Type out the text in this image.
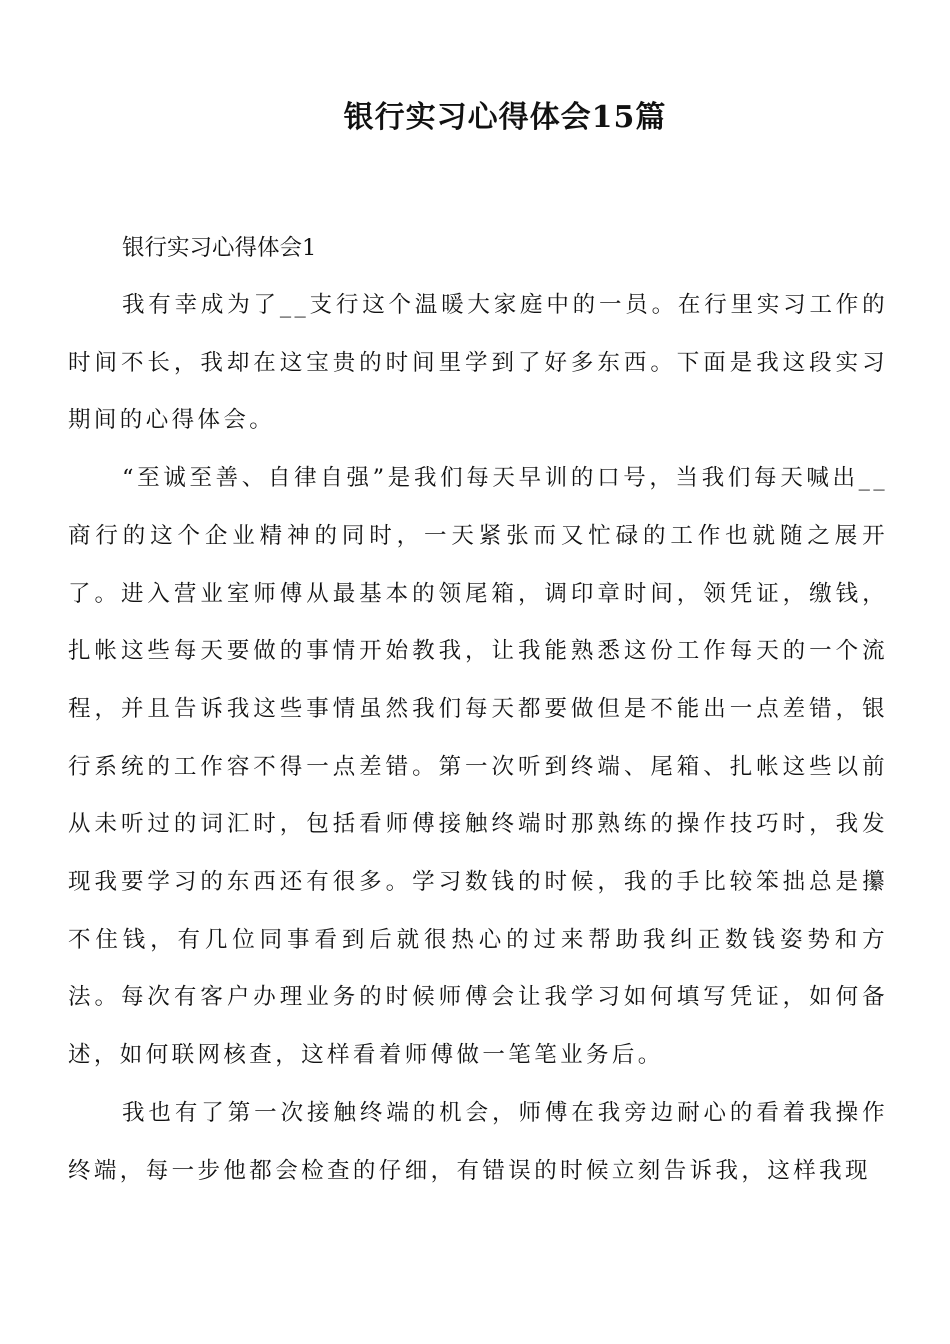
银行实习心得体会15篇

银行实习心得体会1

我有幸成为了__支行这个温暖大家庭中的一员。在行里实习工作的时间不长，我却在这宝贵的时间里学到了好多东西。下面是我这段实习期间的心得体会。

“至诚至善、自律自强”是我们每天早训的口号，当我们每天喊出__商行的这个企业精神的同时，一天紧张而又忙碌的工作也就随之展开了。进入营业室师傅从最基本的领尾箱，调印章时间，领凭证，缴钱，扎帐这些每天要做的事情开始教我，让我能熟悉这份工作每天的一个流程，并且告诉我这些事情虽然我们每天都要做但是不能出一点差错，银行系统的工作容不得一点差错。第一次听到终端、尾箱、扎帐这些以前从未听过的词汇时，包括看师傅接触终端时那熟练的操作技巧时，我发现我要学习的东西还有很多。学习数钱的时候，我的手比较笨拙总是攥不住钱，有几位同事看到后就很热心的过来帮助我纠正数钱姿势和方法。每次有客户办理业务的时候师傅会让我学习如何填写凭证，如何备述，如何联网核查，这样看着师傅做一笔笔业务后。

我也有了第一次接触终端的机会，师傅在我旁边耐心的看着我操作终端，每一步他都会检查的仔细，有错误的时候立刻告诉我，这样我现
